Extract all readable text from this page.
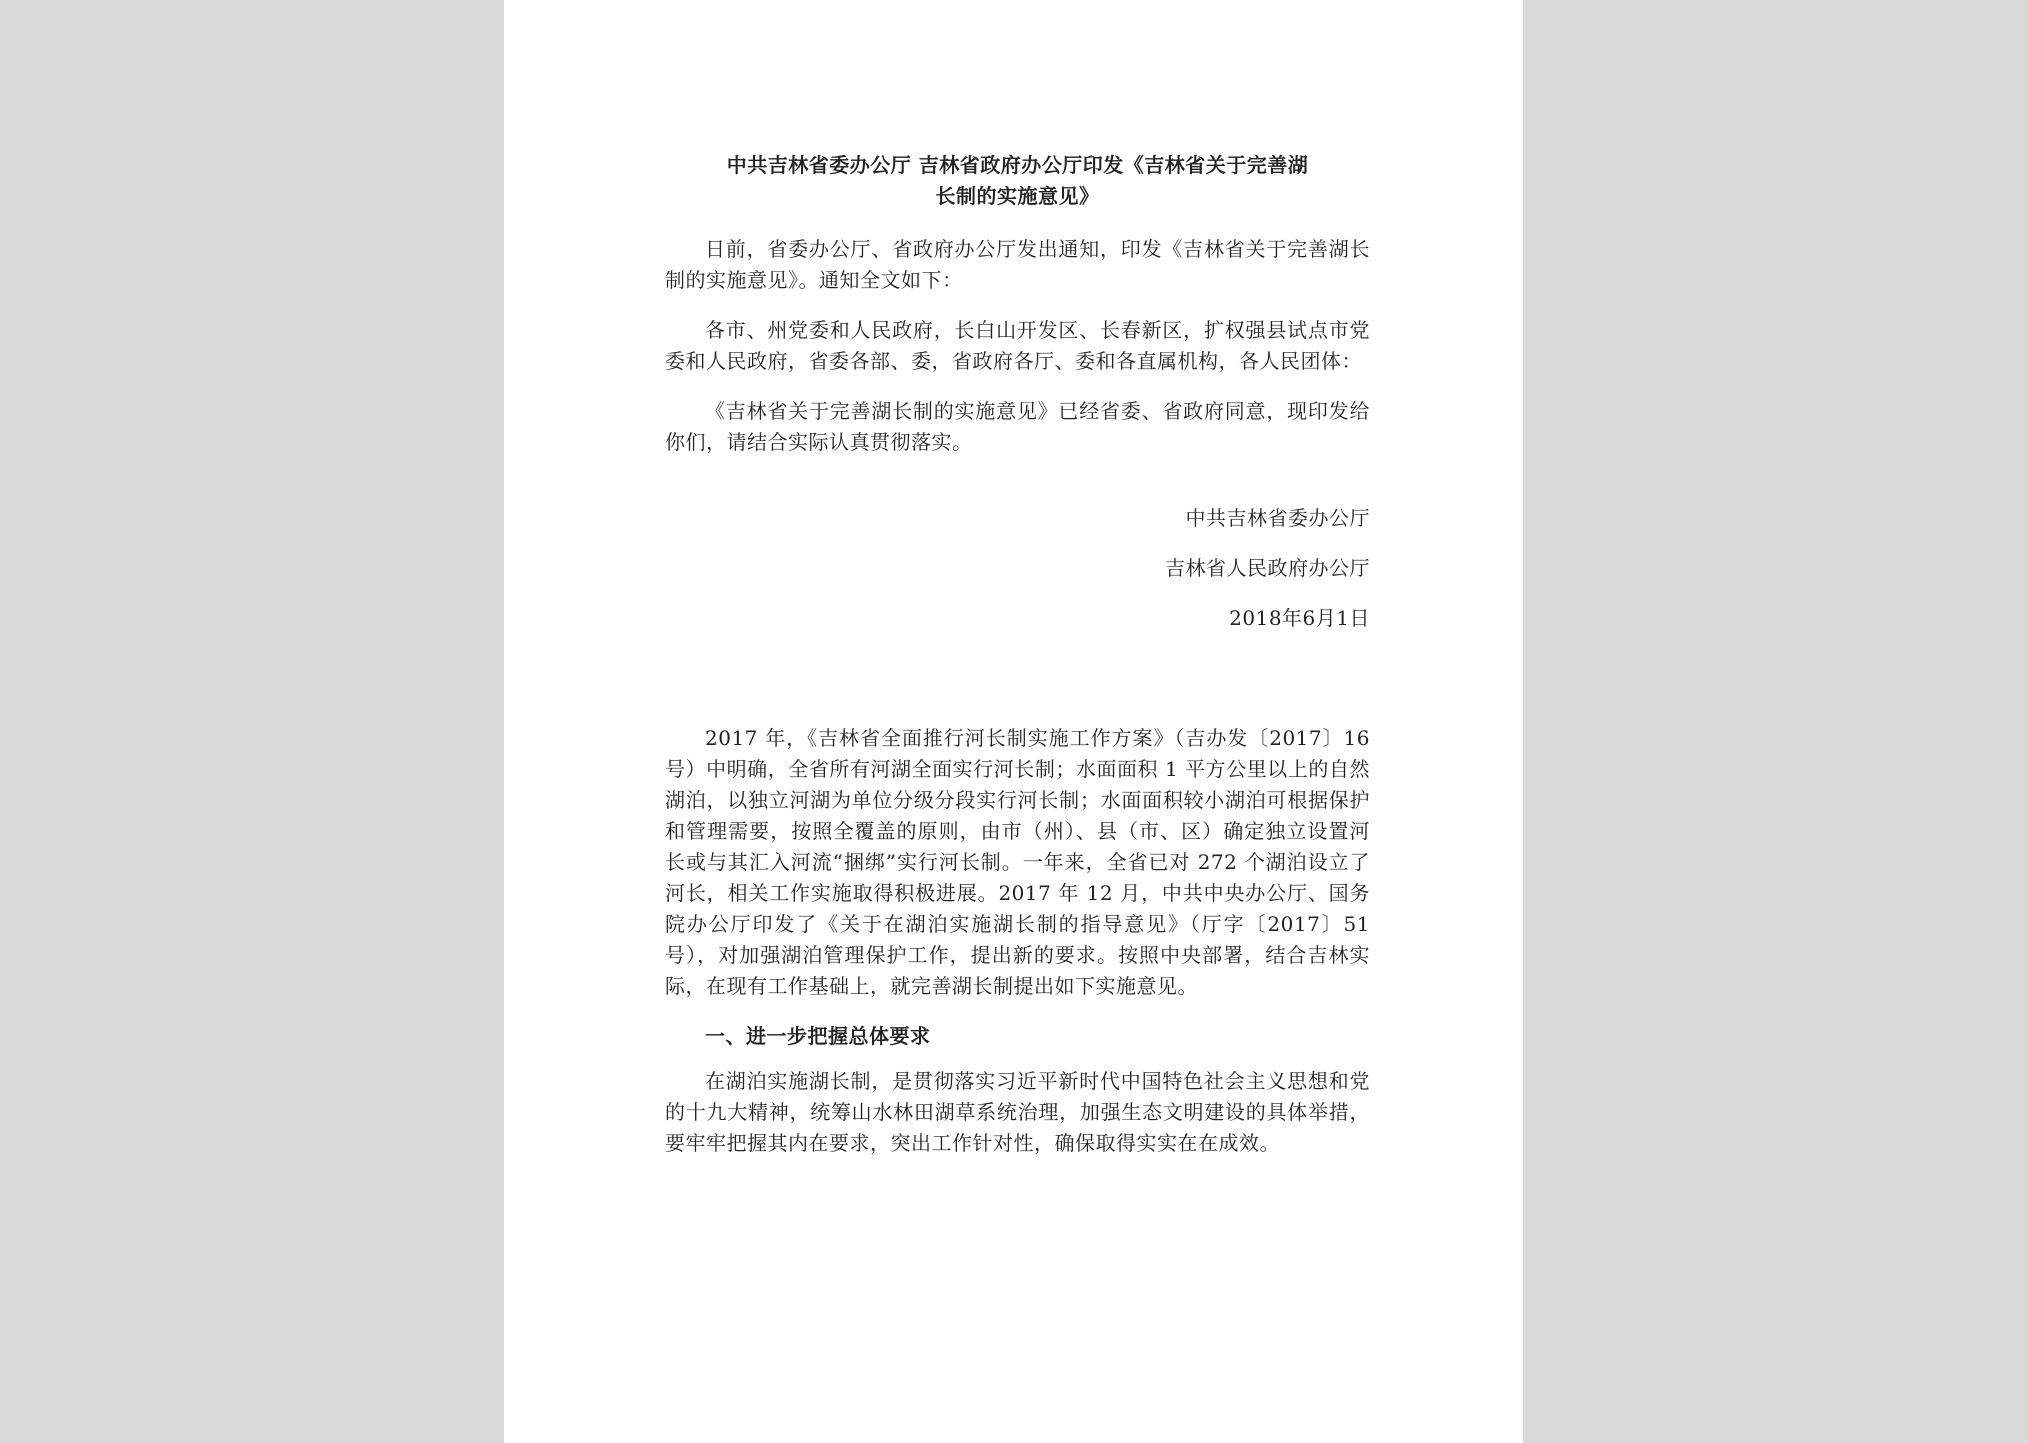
中共吉林省委办公厅 吉林省政府办公厅印发《吉林省关于完善湖
长制的实施意见》

日前，省委办公厅、省政府办公厅发出通知，印发《吉林省关于完善湖长制的实施意见》。通知全文如下：

各市、州党委和人民政府，长白山开发区、长春新区，扩权强县试点市党委和人民政府，省委各部、委，省政府各厅、委和各直属机构，各人民团体：

《吉林省关于完善湖长制的实施意见》已经省委、省政府同意，现印发给你们，请结合实际认真贯彻落实。

中共吉林省委办公厅

吉林省人民政府办公厅

2018年6月1日

2017 年，《吉林省全面推行河长制实施工作方案》（吉办发〔2017〕16 号）中明确，全省所有河湖全面实行河长制；水面面积 1 平方公里以上的自然湖泊，以独立河湖为单位分级分段实行河长制；水面面积较小湖泊可根据保护和管理需要，按照全覆盖的原则，由市（州）、县（市、区）确定独立设置河长或与其汇入河流“捆绑”实行河长制。一年来，全省已对 272 个湖泊设立了河长，相关工作实施取得积极进展。2017 年 12 月，中共中央办公厅、国务院办公厅印发了《关于在湖泊实施湖长制的指导意见》（厅字〔2017〕51 号），对加强湖泊管理保护工作，提出新的要求。按照中央部署，结合吉林实际，在现有工作基础上，就完善湖长制提出如下实施意见。

一、进一步把握总体要求

在湖泊实施湖长制，是贯彻落实习近平新时代中国特色社会主义思想和党的十九大精神，统筹山水林田湖草系统治理，加强生态文明建设的具体举措，要牢牢把握其内在要求，突出工作针对性，确保取得实实在在成效。
